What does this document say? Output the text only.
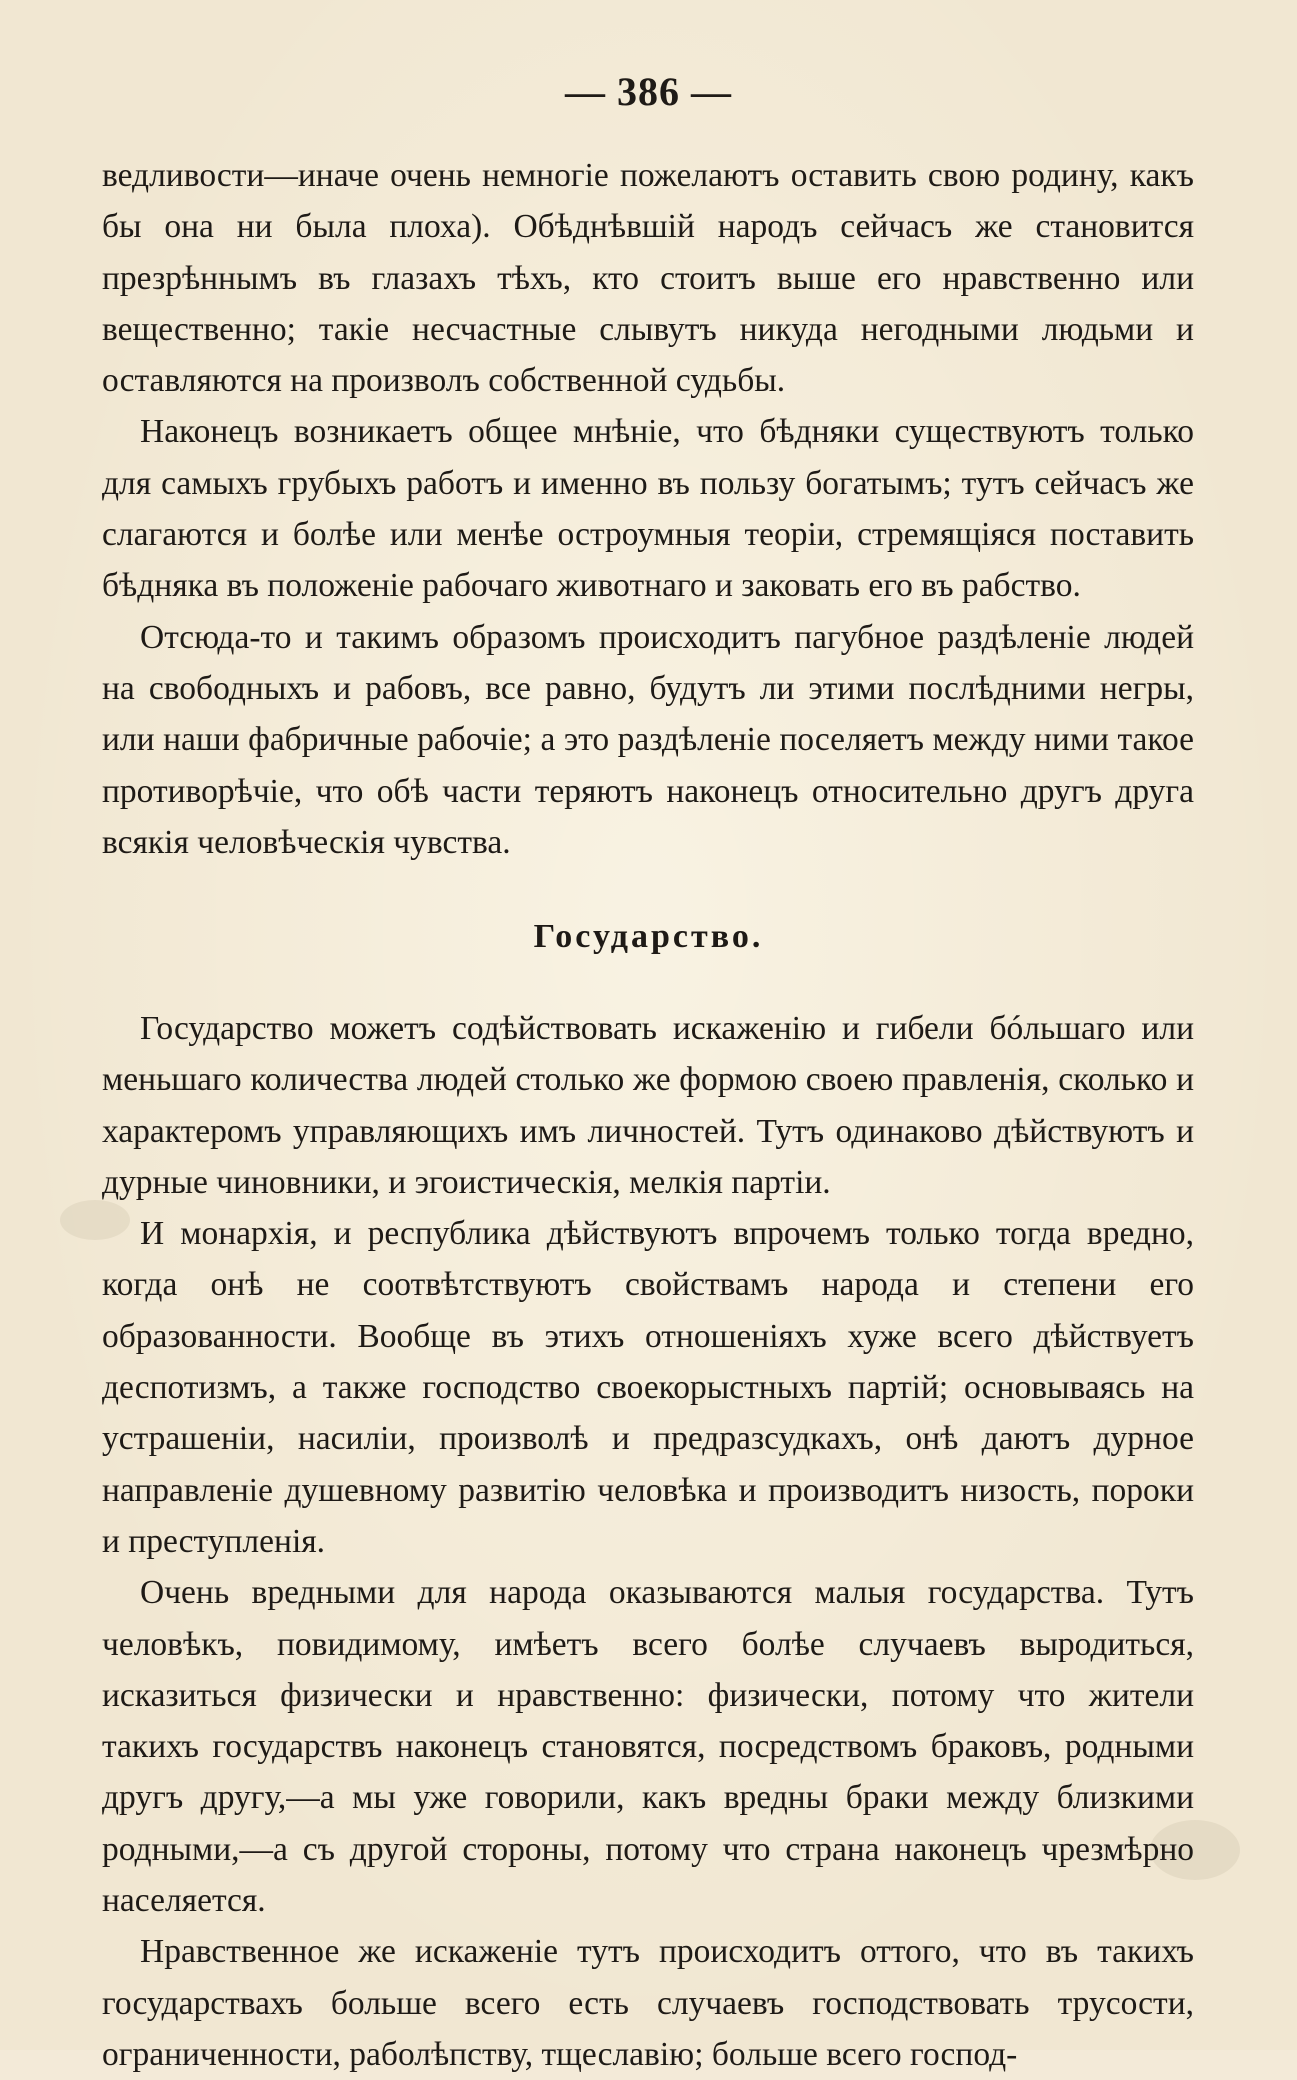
— 386 —

ведливости—иначе очень немногіе пожелаютъ оставить свою родину, какъ бы она ни была плоха). Обѣднѣвшій народъ сейчасъ же становится презрѣннымъ въ глазахъ тѣхъ, кто стоитъ выше его нравственно или вещественно; такіе несчастные слывутъ никуда негодными людьми и оставляются на произволъ собственной судьбы.

Наконецъ возникаетъ общее мнѣніе, что бѣдняки существуютъ только для самыхъ грубыхъ работъ и именно въ пользу богатымъ; тутъ сейчасъ же слагаются и болѣе или менѣе остроумныя теоріи, стремящіяся поставить бѣдняка въ положеніе рабочаго животнаго и заковать его въ рабство.

Отсюда-то и такимъ образомъ происходитъ пагубное раздѣленіе людей на свободныхъ и рабовъ, все равно, будутъ ли этими послѣдними негры, или наши фабричные рабочіе; а это раздѣленіе поселяетъ между ними такое противорѣчіе, что обѣ части теряютъ наконецъ относительно другъ друга всякія человѣческія чувства.

Государство.

Государство можетъ содѣйствовать искаженію и гибели бóльшаго или меньшаго количества людей столько же формою своею правленія, сколько и характеромъ управляющихъ имъ личностей. Тутъ одинаково дѣйствуютъ и дурные чиновники, и эгоистическія, мелкія партіи.

И монархія, и республика дѣйствуютъ впрочемъ только тогда вредно, когда онѣ не соотвѣтствуютъ свойствамъ народа и степени его образованности. Вообще въ этихъ отношеніяхъ хуже всего дѣйствуетъ деспотизмъ, а также господство своекорыстныхъ партій; основываясь на устрашеніи, насиліи, произволѣ и предразсудкахъ, онѣ даютъ дурное направленіе душевному развитію человѣка и производитъ низость, пороки и преступленія.

Очень вредными для народа оказываются малыя государства. Тутъ человѣкъ, повидимому, имѣетъ всего болѣе случаевъ выродиться, исказиться физически и нравственно: физически, потому что жители такихъ государствъ наконецъ становятся, посредствомъ браковъ, родными другъ другу,—а мы уже говорили, какъ вредны браки между близкими родными,—а съ другой стороны, потому что страна наконецъ чрезмѣрно населяется.

Нравственное же искаженіе тутъ происходитъ оттого, что въ такихъ государствахъ больше всего есть случаевъ господствовать трусости, ограниченности, раболѣпству, тщеславію; больше всего господ-
